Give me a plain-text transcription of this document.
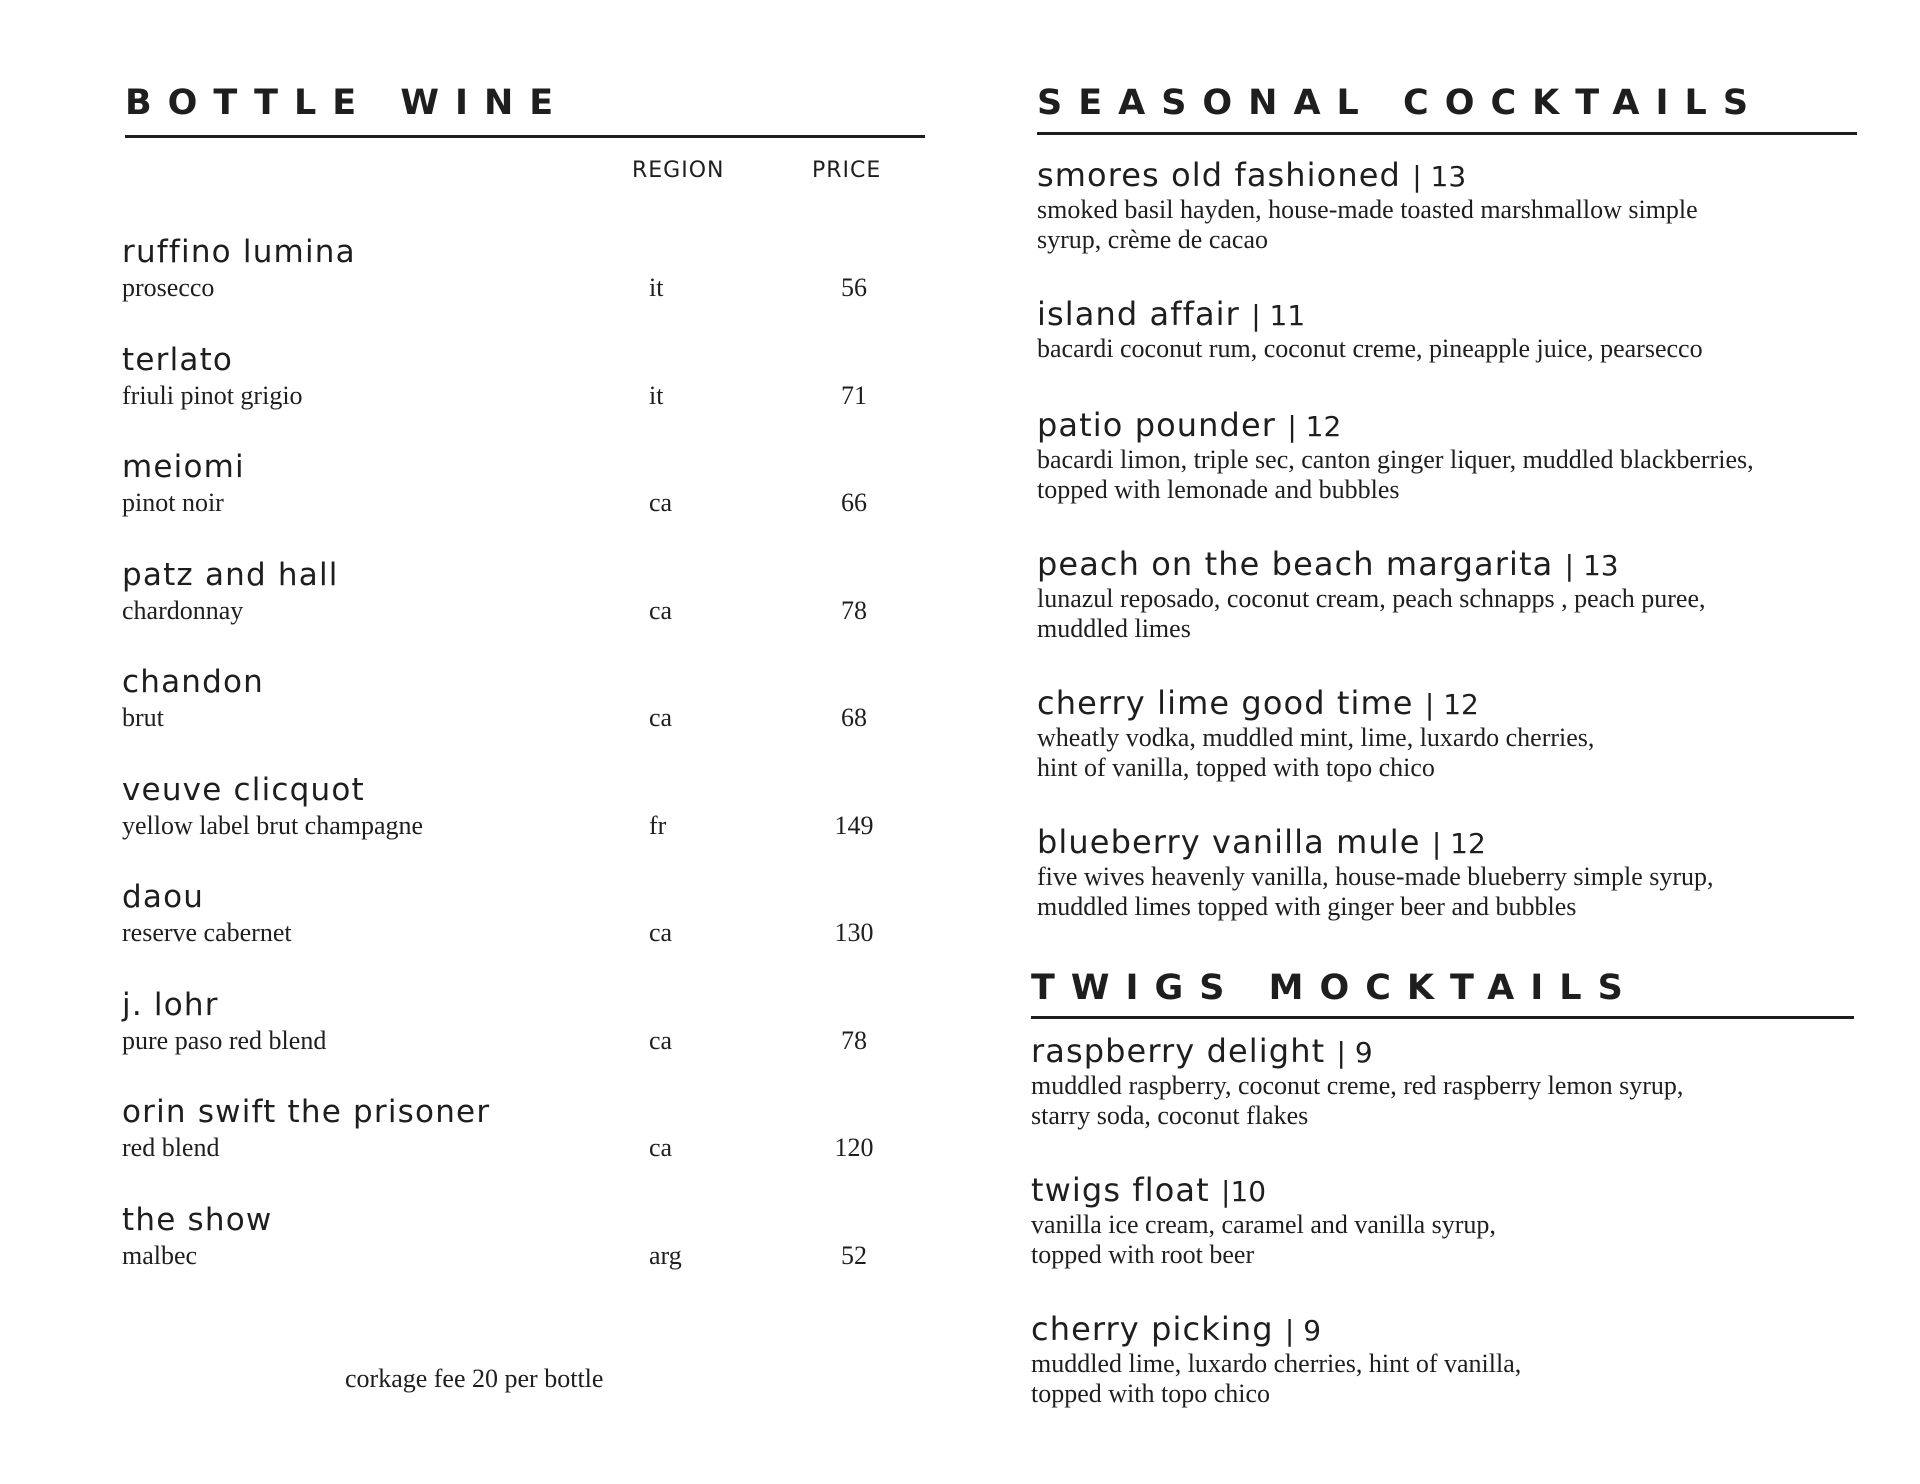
BOTTLE WINE
REGION	PRICE
ruffino lumina
prosecco	it	56
terlato
friuli pinot grigio	it	71
meiomi
pinot noir	ca	66
patz and hall
chardonnay	ca	78
chandon
brut	ca	68
veuve clicquot
yellow label brut champagne	fr	149
daou
reserve cabernet	ca	130
j. lohr
pure paso red blend	ca	78
orin swift the prisoner
red blend	ca	120
the show
malbec	arg	52
corkage fee 20 per bottle
SEASONAL COCKTAILS

smores old fashioned | 13

smoked basil hayden, house-made toasted marshmallow simple
syrup, crème de cacao

island affair | 11

bacardi coconut rum, coconut creme, pineapple juice, pearsecco

patio pounder | 12

bacardi limon, triple sec, canton ginger liquer, muddled blackberries,
topped with lemonade and bubbles

peach on the beach margarita | 13

lunazul reposado, coconut cream, peach schnapps , peach puree,
muddled limes

cherry lime good time | 12

wheatly vodka, muddled mint, lime, luxardo cherries,
hint of vanilla, topped with topo chico

blueberry vanilla mule | 12

five wives heavenly vanilla, house-made blueberry simple syrup,
muddled limes topped with ginger beer and bubbles

TWIGS MOCKTAILS

raspberry delight | 9

muddled raspberry, coconut creme, red raspberry lemon syrup,
starry soda, coconut flakes

twigs float |10

vanilla ice cream, caramel and vanilla syrup,
topped with root beer

cherry picking | 9

muddled lime, luxardo cherries, hint of vanilla,
topped with topo chico
